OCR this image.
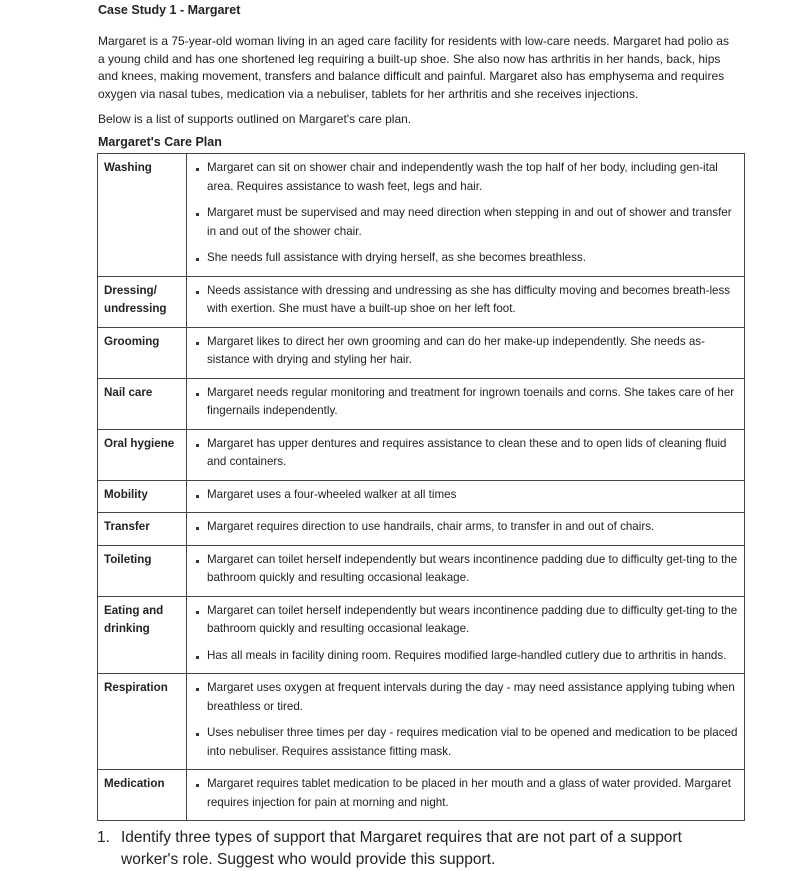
Case Study 1 - Margaret
Margaret is a 75-year-old woman living in an aged care facility for residents with low-care needs. Margaret had polio as a young child and has one shortened leg requiring a built-up shoe. She also now has arthritis in her hands, back, hips and knees, making movement, transfers and balance difficult and painful. Margaret also has emphysema and requires oxygen via nasal tubes, medication via a nebuliser, tablets for her arthritis and she receives injections.
Below is a list of supports outlined on Margaret's care plan.
Margaret's Care Plan
Washing	Margaret can sit on shower chair and independently wash the top half of her body, including gen-ital area. Requires assistance to wash feet, legs and hair.
Margaret must be supervised and may need direction when stepping in and out of shower and transfer in and out of the shower chair.
She needs full assistance with drying herself, as she becomes breathless.

Dressing/ undressing	Needs assistance with dressing and undressing as she has difficulty moving and becomes breath-less with exertion. She must have a built-up shoe on her left foot.

Grooming	Margaret likes to direct her own grooming and can do her make-up independently. She needs as-sistance with drying and styling her hair.

Nail care	Margaret needs regular monitoring and treatment for ingrown toenails and corns. She takes care of her fingernails independently.

Oral hygiene	Margaret has upper dentures and requires assistance to clean these and to open lids of cleaning fluid and containers.

Mobility	Margaret uses a four-wheeled walker at all times

Transfer	Margaret requires direction to use handrails, chair arms, to transfer in and out of chairs.

Toileting	Margaret can toilet herself independently but wears incontinence padding due to difficulty get-ting to the bathroom quickly and resulting occasional leakage.

Eating and drinking	Margaret can toilet herself independently but wears incontinence padding due to difficulty get-ting to the bathroom quickly and resulting occasional leakage.
Has all meals in facility dining room. Requires modified large-handled cutlery due to arthritis in hands.

Respiration	Margaret uses oxygen at frequent intervals during the day - may need assistance applying tubing when breathless or tired.
Uses nebuliser three times per day - requires medication vial to be opened and medication to be placed into nebuliser. Requires assistance fitting mask.

Medication	Margaret requires tablet medication to be placed in her mouth and a glass of water provided. Margaret requires injection for pain at morning and night.
1. Identify three types of support that Margaret requires that are not part of a support worker's role. Suggest who would provide this support.
